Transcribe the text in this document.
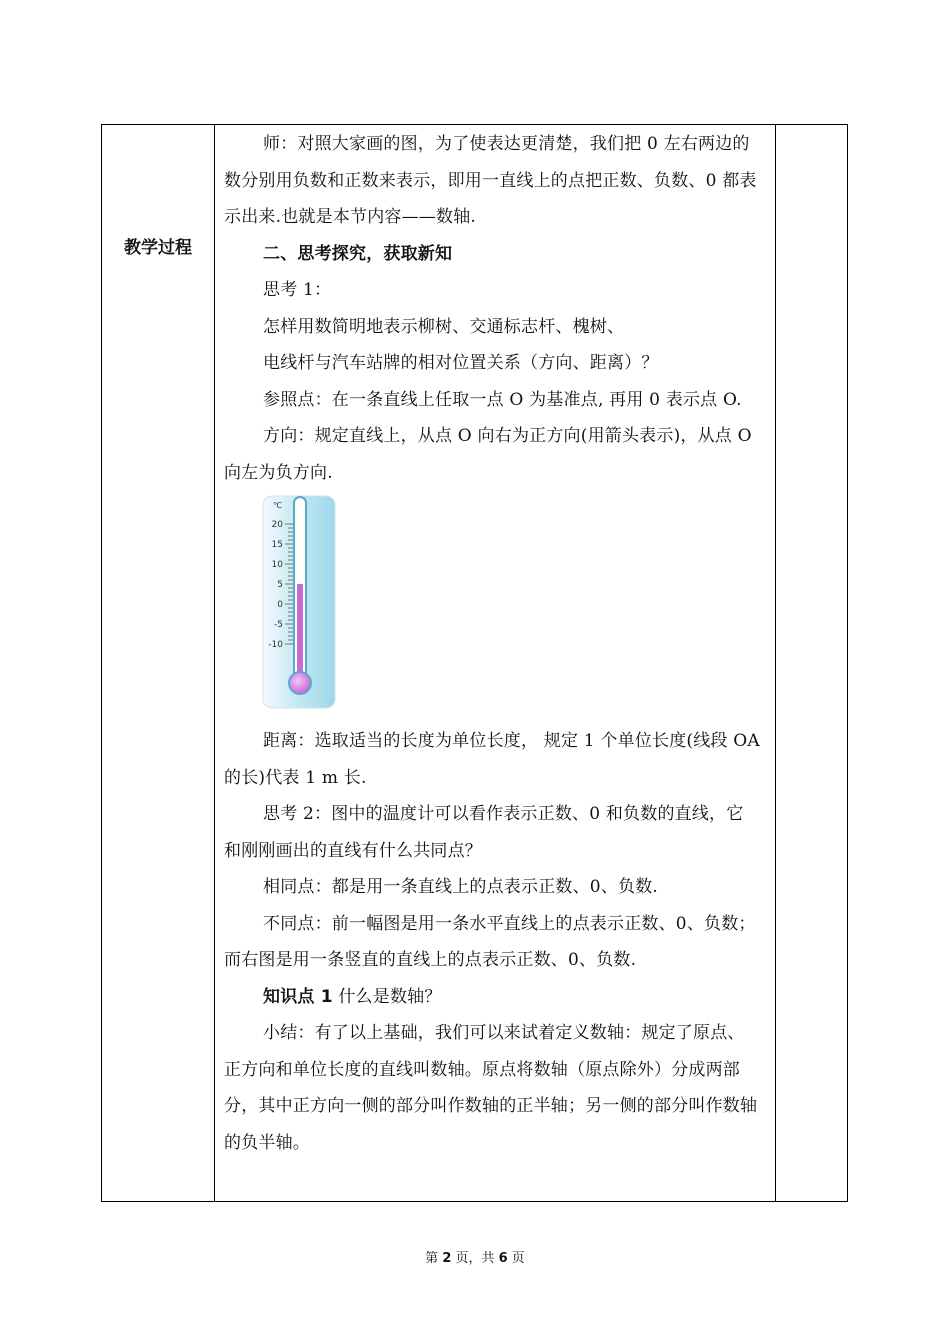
教学过程

师：对照大家画的图，为了使表达更清楚，我们把 0 左右两边的数分别用负数和正数来表示，即用一直线上的点把正数、负数、0 都表示出来.也就是本节内容——数轴.

二、思考探究，获取新知

思考 1：

怎样用数简明地表示柳树、交通标志杆、槐树、

电线杆与汽车站牌的相对位置关系（方向、距离）？

参照点：在一条直线上任取一点 O 为基准点, 再用 0 表示点 O.

方向：规定直线上，从点 O 向右为正方向(用箭头表示)，从点 O 向左为负方向.

℃
20
15
10
5
0
-5
-10

距离：选取适当的长度为单位长度， 规定 1 个单位长度(线段 OA 的长)代表 1 m 长.

思考 2：图中的温度计可以看作表示正数、0 和负数的直线，它和刚刚画出的直线有什么共同点？

相同点：都是用一条直线上的点表示正数、0、负数.

不同点：前一幅图是用一条水平直线上的点表示正数、0、负数；而右图是用一条竖直的直线上的点表示正数、0、负数.

知识点 1 什么是数轴？

小结：有了以上基础，我们可以来试着定义数轴：规定了原点、正方向和单位长度的直线叫数轴。原点将数轴（原点除外）分成两部分，其中正方向一侧的部分叫作数轴的正半轴；另一侧的部分叫作数轴的负半轴。

第 2 页，共 6 页
